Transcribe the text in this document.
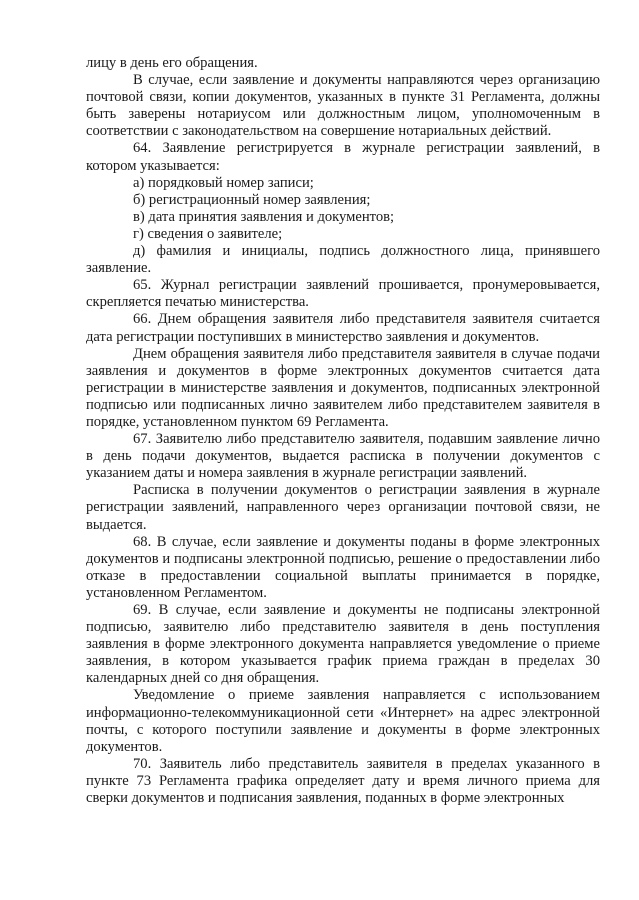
лицу в день его обращения.

В случае, если заявление и документы направляются через организацию почтовой связи, копии документов, указанных в пункте 31 Регламента, должны быть заверены нотариусом или должностным лицом, уполномоченным в соответствии с законодательством на совершение нотариальных действий.

64. Заявление регистрируется в журнале регистрации заявлений, в котором указывается:

а) порядковый номер записи;

б) регистрационный номер заявления;

в) дата принятия заявления и документов;

г) сведения о заявителе;

д) фамилия и инициалы, подпись должностного лица, принявшего заявление.

65. Журнал регистрации заявлений прошивается, пронумеровывается, скрепляется печатью министерства.

66. Днем обращения заявителя либо представителя заявителя считается дата регистрации поступивших в министерство заявления и документов.

Днем обращения заявителя либо представителя заявителя в случае подачи заявления и документов в форме электронных документов считается дата регистрации в министерстве заявления и документов, подписанных электронной подписью или подписанных лично заявителем либо представителем заявителя в порядке, установленном пунктом 69 Регламента.

67. Заявителю либо представителю заявителя, подавшим заявление лично в день подачи документов, выдается расписка в получении документов с указанием даты и номера заявления в журнале регистрации заявлений.

Расписка в получении документов о регистрации заявления в журнале регистрации заявлений, направленного через организации почтовой связи, не выдается.

68. В случае, если заявление и документы поданы в форме электронных документов и подписаны электронной подписью, решение о предоставлении либо отказе в предоставлении социальной выплаты принимается в порядке, установленном Регламентом.

69. В случае, если заявление и документы не подписаны электронной подписью, заявителю либо представителю заявителя в день поступления заявления в форме электронного документа направляется уведомление о приеме заявления, в котором указывается график приема граждан в пределах 30 календарных дней со дня обращения.

Уведомление о приеме заявления направляется с использованием информационно-телекоммуникационной сети «Интернет» на адрес электронной почты, с которого поступили заявление и документы в форме электронных документов.

70. Заявитель либо представитель заявителя в пределах указанного в пункте 73 Регламента графика определяет дату и время личного приема для сверки документов и подписания заявления, поданных в форме электронных
